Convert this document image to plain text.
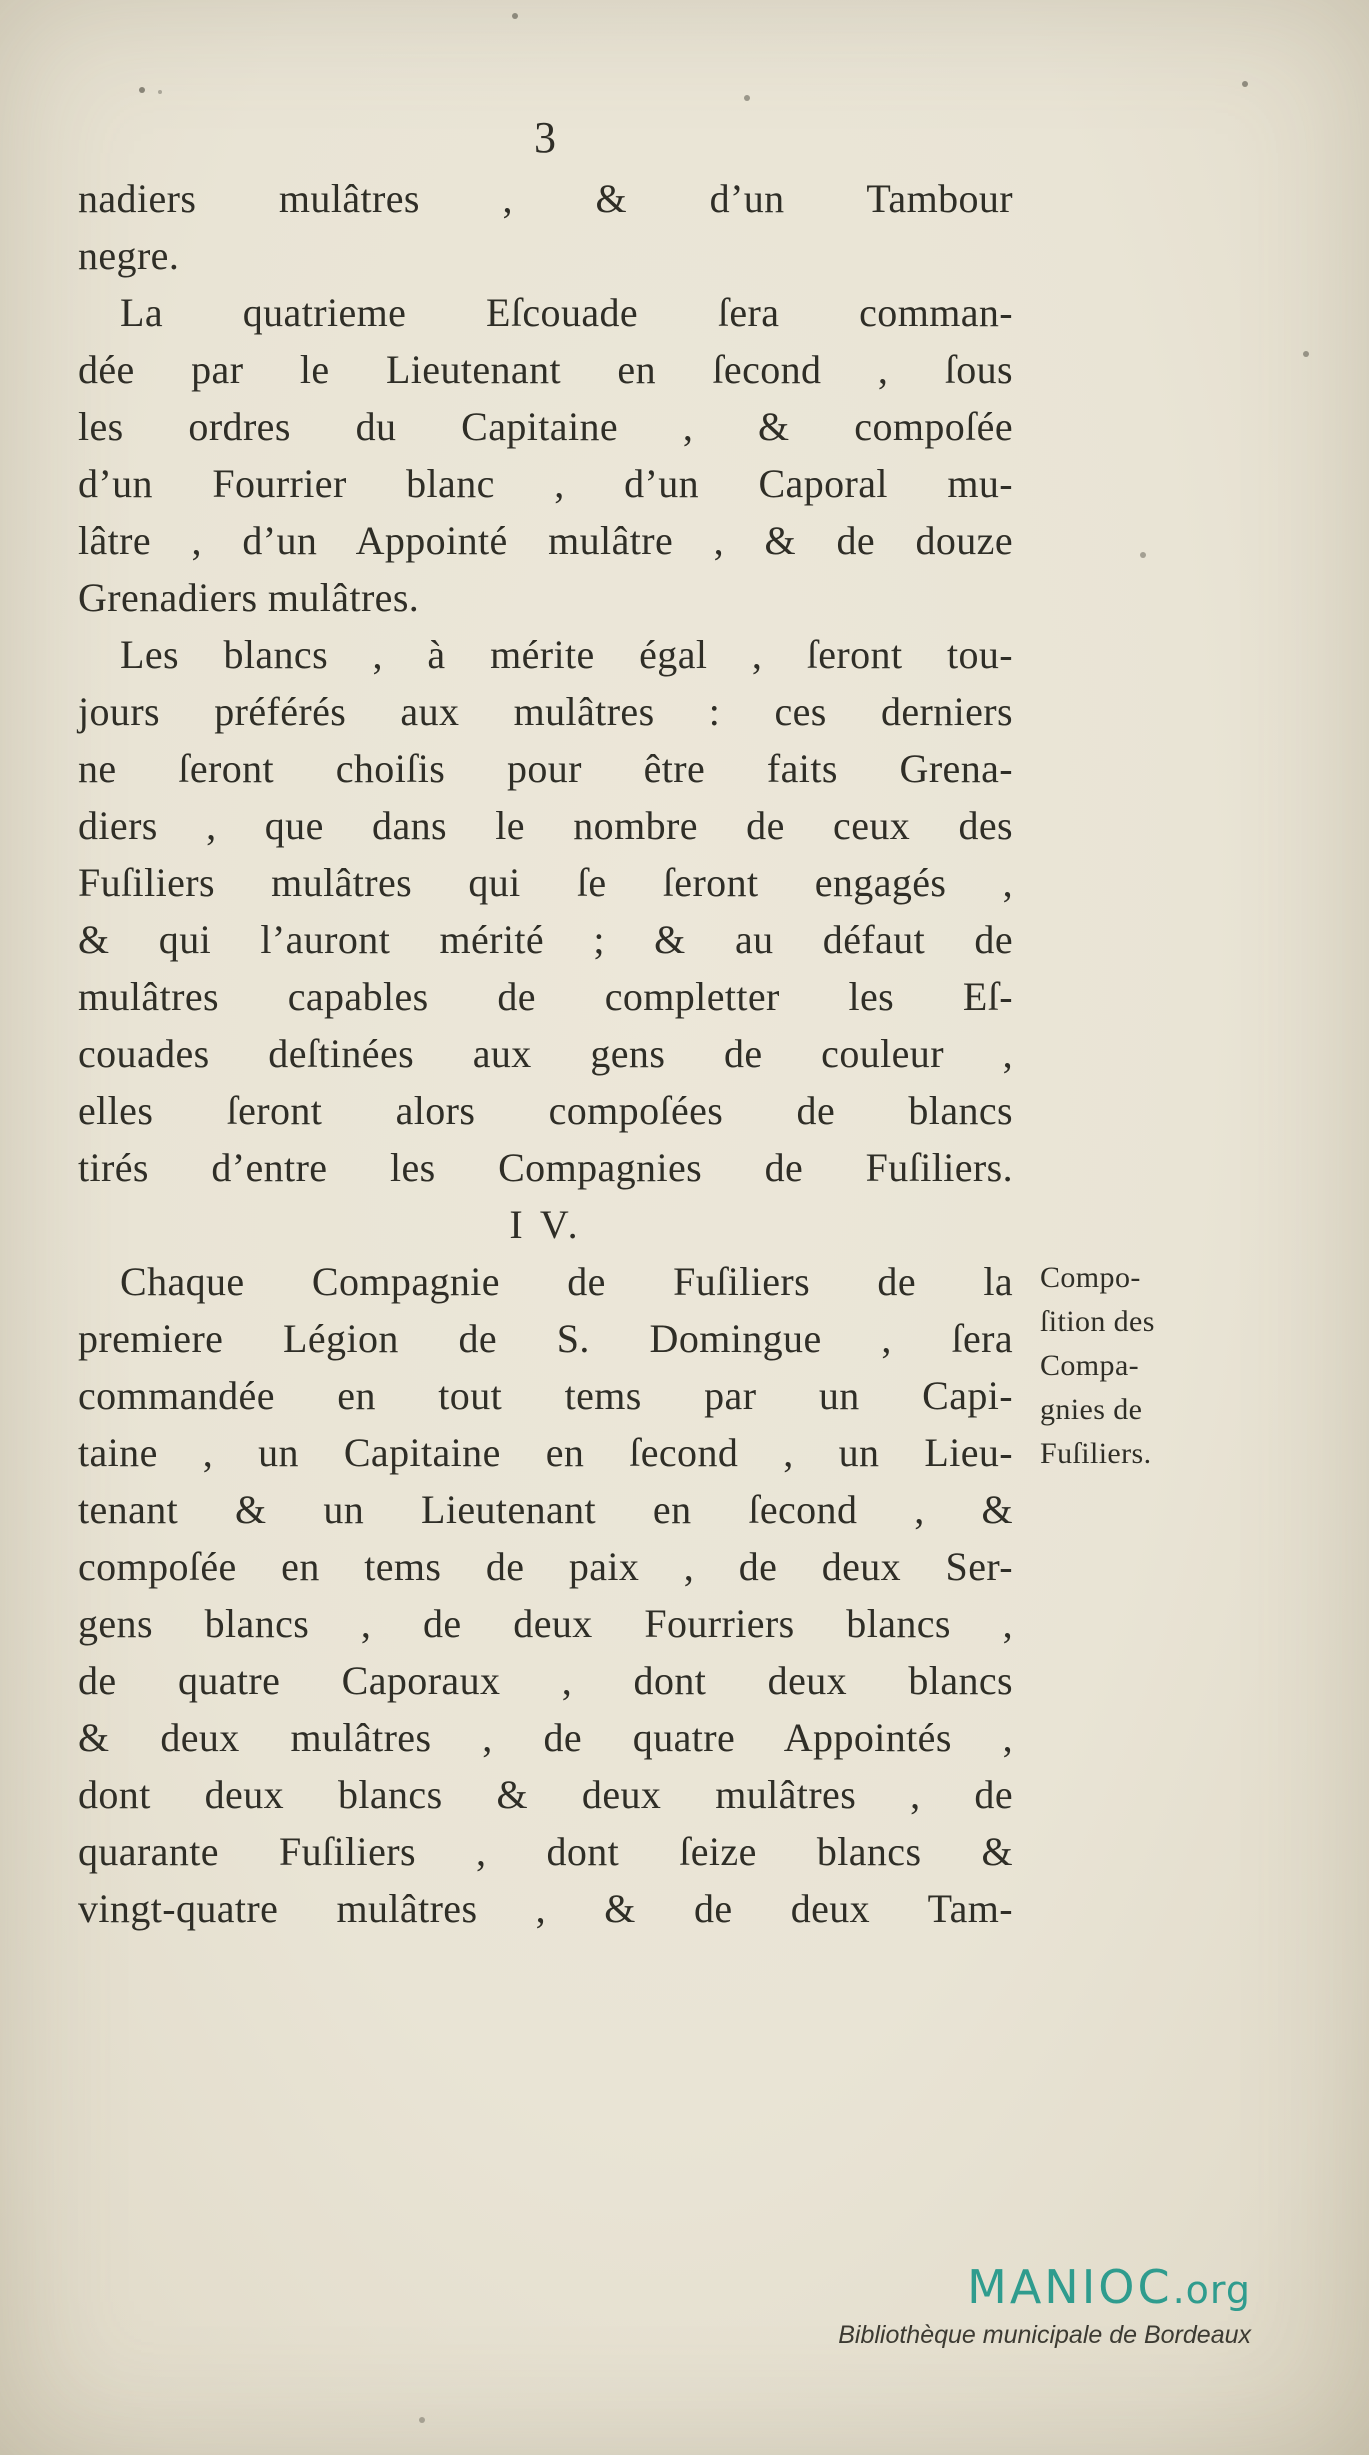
3
nadiers mulâtres , & d’un Tambour
negre.
La quatrieme Eſcouade ſera comman-
dée par le Lieutenant en ſecond , ſous
les ordres du Capitaine , & compoſée
d’un Fourrier blanc , d’un Caporal mu-
lâtre , d’un Appointé mulâtre , & de douze
Grenadiers mulâtres.
Les blancs , à mérite égal , ſeront tou-
jours préférés aux mulâtres : ces derniers
ne ſeront choiſis pour être faits Grena-
diers , que dans le nombre de ceux des
Fuſiliers mulâtres qui ſe ſeront engagés ,
& qui l’auront mérité ; & au défaut de
mulâtres capables de completter les Eſ-
couades deſtinées aux gens de couleur ,
elles ſeront alors compoſées de blancs
tirés d’entre les Compagnies de Fuſiliers.
I V.
Chaque Compagnie de Fuſiliers de la
premiere Légion de S. Domingue , ſera
commandée en tout tems par un Capi-
taine , un Capitaine en ſecond , un Lieu-
tenant & un Lieutenant en ſecond , &
compoſée en tems de paix , de deux Ser-
gens blancs , de deux Fourriers blancs ,
de quatre Caporaux , dont deux blancs
& deux mulâtres , de quatre Appointés ,
dont deux blancs & deux mulâtres , de
quarante Fuſiliers , dont ſeize blancs &
vingt-quatre mulâtres , & de deux Tam-
Compo-
ſition des
Compa-
gnies de
Fuſiliers.
MANIOC.org
Bibliothèque municipale de Bordeaux
